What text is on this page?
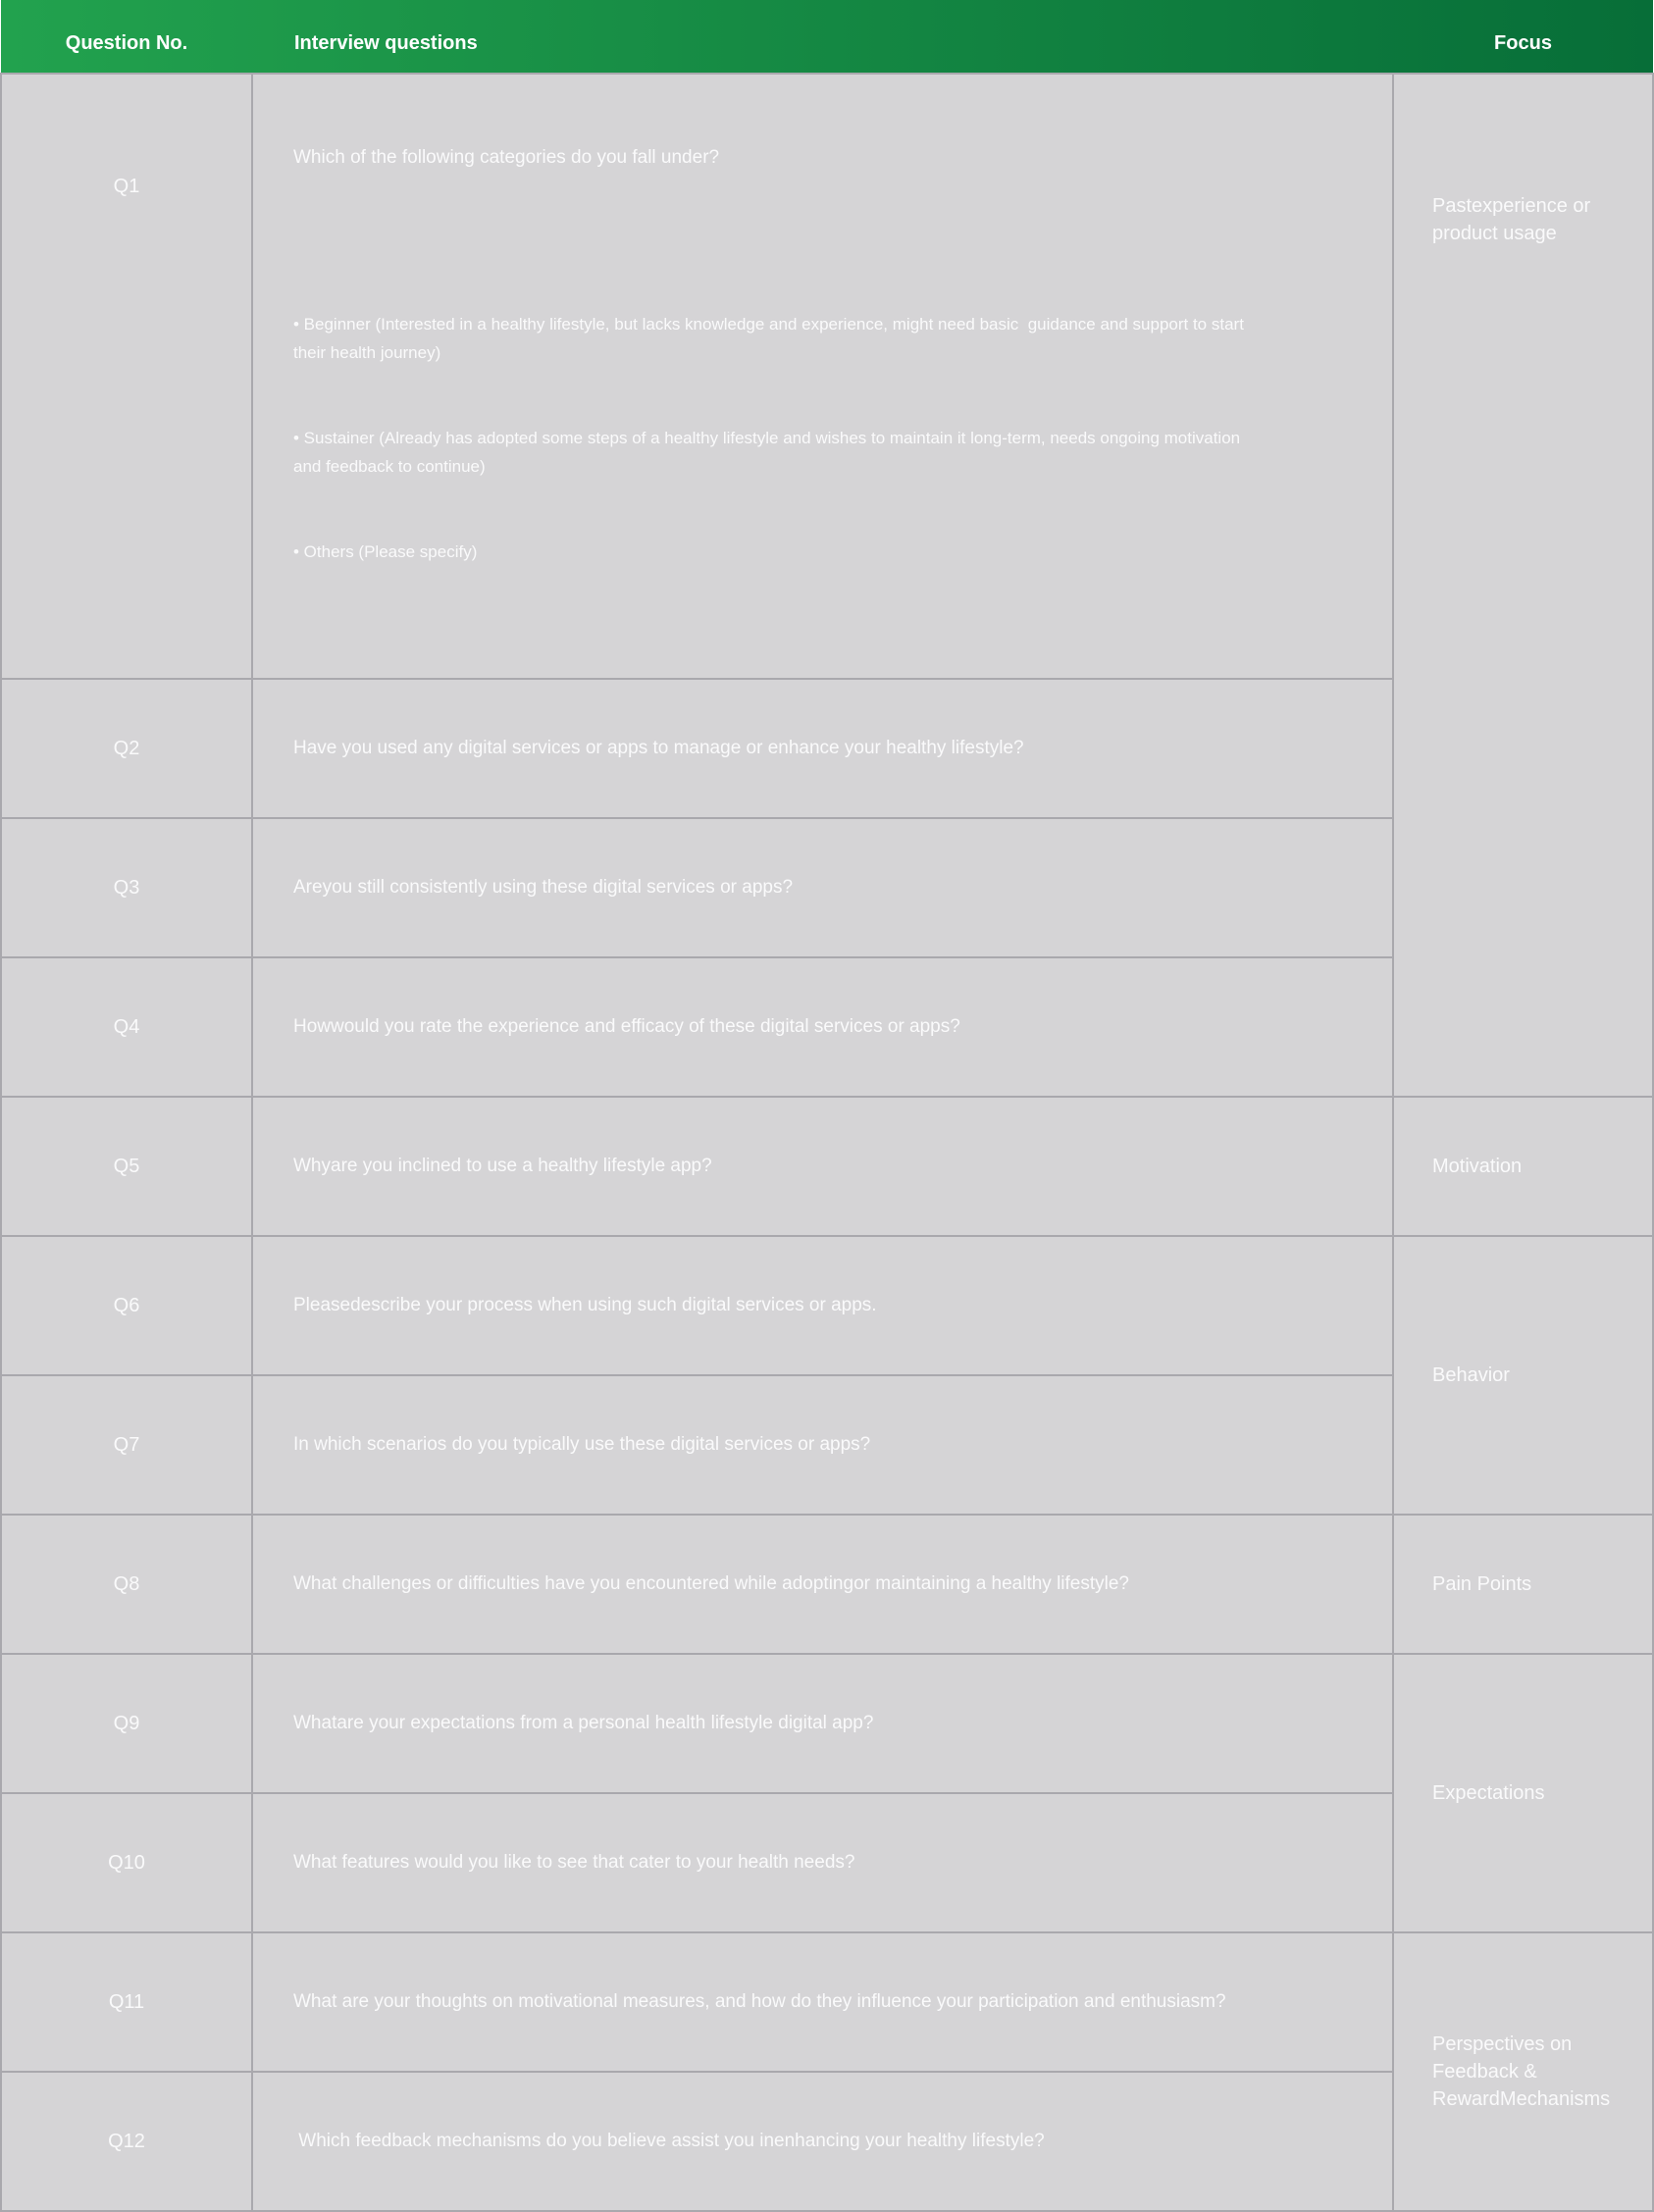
Question No.	Interview questions	Focus
Q1	Which of the following categories do you fall under?

• Beginner (Interested in a healthy lifestyle, but lacks knowledge and experience, might need basic  guidance and support to start their health journey)

• Sustainer (Already has adopted some steps of a healthy lifestyle and wishes to maintain it long-term, needs ongoing motivation and feedback to continue)

• Others (Please specify)	Pastexperience or product usage

Q2	Have you used any digital services or apps to manage or enhance your healthy lifestyle?	

Q3	Areyou still consistently using these digital services or apps?	

Q4	Howwould you rate the experience and efficacy of these digital services or apps?	

Q5	Whyare you inclined to use a healthy lifestyle app?	Motivation

Q6	Pleasedescribe your process when using such digital services or apps.	Behavior

Q7	In which scenarios do you typically use these digital services or apps?	

Q8	What challenges or difficulties have you encountered while adoptingor maintaining a healthy lifestyle?	Pain Points

Q9	Whatare your expectations from a personal health lifestyle digital app?	Expectations

Q10	What features would you like to see that cater to your health needs?	

Q11	What are your thoughts on motivational measures, and how do they influence your participation and enthusiasm?	Perspectives on Feedback & RewardMechanisms

Q12	Which feedback mechanisms do you believe assist you inenhancing your healthy lifestyle?	
